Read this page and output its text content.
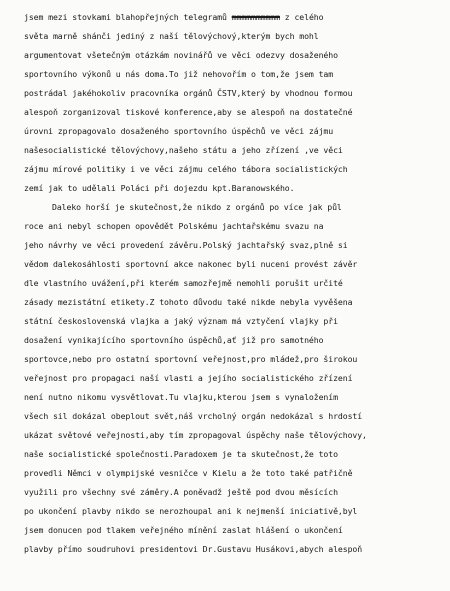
jsem mezi stovkami blahopřejných telegramů mmmmmmmmmm z celého
světa marně shánči jediný z naší tělovýchový,kterým bych mohl
argumentovat všetečným otázkám novinářů ve věci odezvy dosaženého
sportovního výkonů u nás doma.To již nehovořím o tom,že jsem tam
postrádal jakéhokoliv pracovníka orgánů ČSTV,který by vhodnou formou
alespoň zorganizoval tiskové konference,aby se alespoň na dostatečné
úrovni zpropagovalo dosaženého sportovního úspěchů ve věci zájmu
našesocialistické tělovýchovy,našeho státu a jeho zřízení ,ve věci
zájmu mírové politiky i ve věci zájmu celého tábora socialistických
zemí jak to udělali Poláci při dojezdu kpt.Baranowského.
Daleko horší je skutečnost,že nikdo z orgánů po více jak půl
roce ani nebyl schopen opovědět Polskému jachtařskému svazu na
jeho návrhy ve věci provedení závěru.Polský jachtařský svaz,plně si
vědom dalekosáhlosti sportovní akce nakonec byli nuceni provést závěr
dle vlastního uvážení,při kterém samozřejmě nemohli porušit určité
zásady mezistátní etikety.Z tohoto důvodu také nikde nebyla vyvěšena
státní československá vlajka a jaký význam má vztyčení vlajky při
dosažení vynikajícího sportovního úspěchů,ať již pro samotného
sportovce,nebo pro ostatní sportovní veřejnost,pro mládež,pro širokou
veřejnost pro propagaci naší vlasti a jejího socialistického zřízení
není nutno nikomu vysvětlovat.Tu vlajku,kterou jsem s vynaložením
všech sil dokázal obeplout svět,náš vrcholný orgán nedokázal s hrdostí
ukázat světové veřejnosti,aby tím zpropagoval úspěchy naše tělovýchovy,
naše socialistické společnosti.Paradoxem je ta skutečnost,že toto
provedli Němci v olympijské vesničce v Kielu a že toto také patřičně
využili pro všechny své záměry.A poněvadž ještě pod dvou měsících
po ukončení plavby nikdo se nerozhoupal ani k nejmenší iniciativě,byl
jsem donucen pod tlakem veřejného mínění zaslat hlášení o ukončení
plavby přímo soudruhovi presidentovi Dr.Gustavu Husákovi,abych alespoň
